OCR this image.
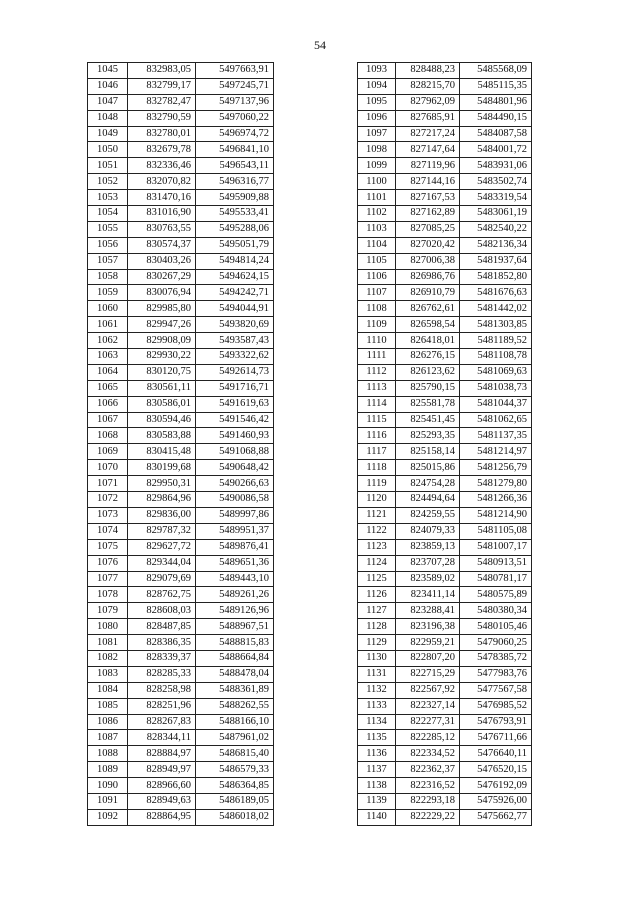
54
1045	832983,05	5497663,91
1046	832799,17	5497245,71
1047	832782,47	5497137,96
1048	832790,59	5497060,22
1049	832780,01	5496974,72
1050	832679,78	5496841,10
1051	832336,46	5496543,11
1052	832070,82	5496316,77
1053	831470,16	5495909,88
1054	831016,90	5495533,41
1055	830763,55	5495288,06
1056	830574,37	5495051,79
1057	830403,26	5494814,24
1058	830267,29	5494624,15
1059	830076,94	5494242,71
1060	829985,80	5494044,91
1061	829947,26	5493820,69
1062	829908,09	5493587,43
1063	829930,22	5493322,62
1064	830120,75	5492614,73
1065	830561,11	5491716,71
1066	830586,01	5491619,63
1067	830594,46	5491546,42
1068	830583,88	5491460,93
1069	830415,48	5491068,88
1070	830199,68	5490648,42
1071	829950,31	5490266,63
1072	829864,96	5490086,58
1073	829836,00	5489997,86
1074	829787,32	5489951,37
1075	829627,72	5489876,41
1076	829344,04	5489651,36
1077	829079,69	5489443,10
1078	828762,75	5489261,26
1079	828608,03	5489126,96
1080	828487,85	5488967,51
1081	828386,35	5488815,83
1082	828339,37	5488664,84
1083	828285,33	5488478,04
1084	828258,98	5488361,89
1085	828251,96	5488262,55
1086	828267,83	5488166,10
1087	828344,11	5487961,02
1088	828884,97	5486815,40
1089	828949,97	5486579,33
1090	828966,60	5486364,85
1091	828949,63	5486189,05
1092	828864,95	5486018,02
1093	828488,23	5485568,09
1094	828215,70	5485115,35
1095	827962,09	5484801,96
1096	827685,91	5484490,15
1097	827217,24	5484087,58
1098	827147,64	5484001,72
1099	827119,96	5483931,06
1100	827144,16	5483502,74
1101	827167,53	5483319,54
1102	827162,89	5483061,19
1103	827085,25	5482540,22
1104	827020,42	5482136,34
1105	827006,38	5481937,64
1106	826986,76	5481852,80
1107	826910,79	5481676,63
1108	826762,61	5481442,02
1109	826598,54	5481303,85
1110	826418,01	5481189,52
1111	826276,15	5481108,78
1112	826123,62	5481069,63
1113	825790,15	5481038,73
1114	825581,78	5481044,37
1115	825451,45	5481062,65
1116	825293,35	5481137,35
1117	825158,14	5481214,97
1118	825015,86	5481256,79
1119	824754,28	5481279,80
1120	824494,64	5481266,36
1121	824259,55	5481214,90
1122	824079,33	5481105,08
1123	823859,13	5481007,17
1124	823707,28	5480913,51
1125	823589,02	5480781,17
1126	823411,14	5480575,89
1127	823288,41	5480380,34
1128	823196,38	5480105,46
1129	822959,21	5479060,25
1130	822807,20	5478385,72
1131	822715,29	5477983,76
1132	822567,92	5477567,58
1133	822327,14	5476985,52
1134	822277,31	5476793,91
1135	822285,12	5476711,66
1136	822334,52	5476640,11
1137	822362,37	5476520,15
1138	822316,52	5476192,09
1139	822293,18	5475926,00
1140	822229,22	5475662,77
